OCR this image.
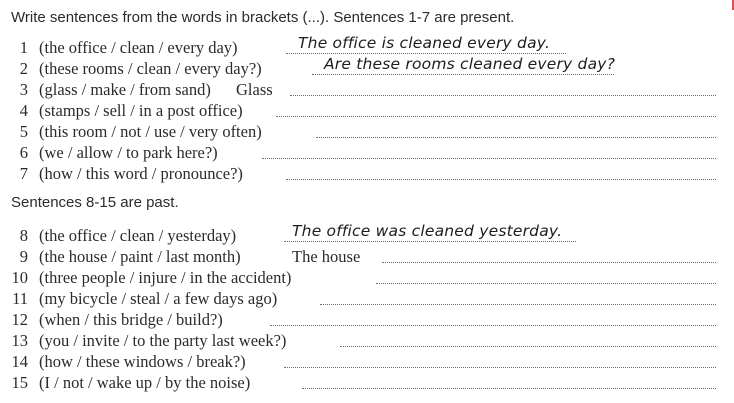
Write sentences from the words in brackets (...). Sentences 1-7 are present.
Sentences 8-15 are past.
1 (the office / clean / every day)	The office is cleaned every day.
2 (these rooms / clean / every day?)	Are these rooms cleaned every day?
3 (glass / make / from sand) Glass
4 (stamps / sell / in a post office)
5 (this room / not / use / very often)
6 (we / allow / to park here?)
7 (how / this word / pronounce?)
8 (the office / clean / yesterday)	The office was cleaned yesterday.
9 (the house / paint / last month)	The house
10 (three people / injure / in the accident)
11 (my bicycle / steal / a few days ago)
12 (when / this bridge / build?)
13 (you / invite / to the party last week?)
14 (how / these windows / break?)
15 (I / not / wake up / by the noise)
